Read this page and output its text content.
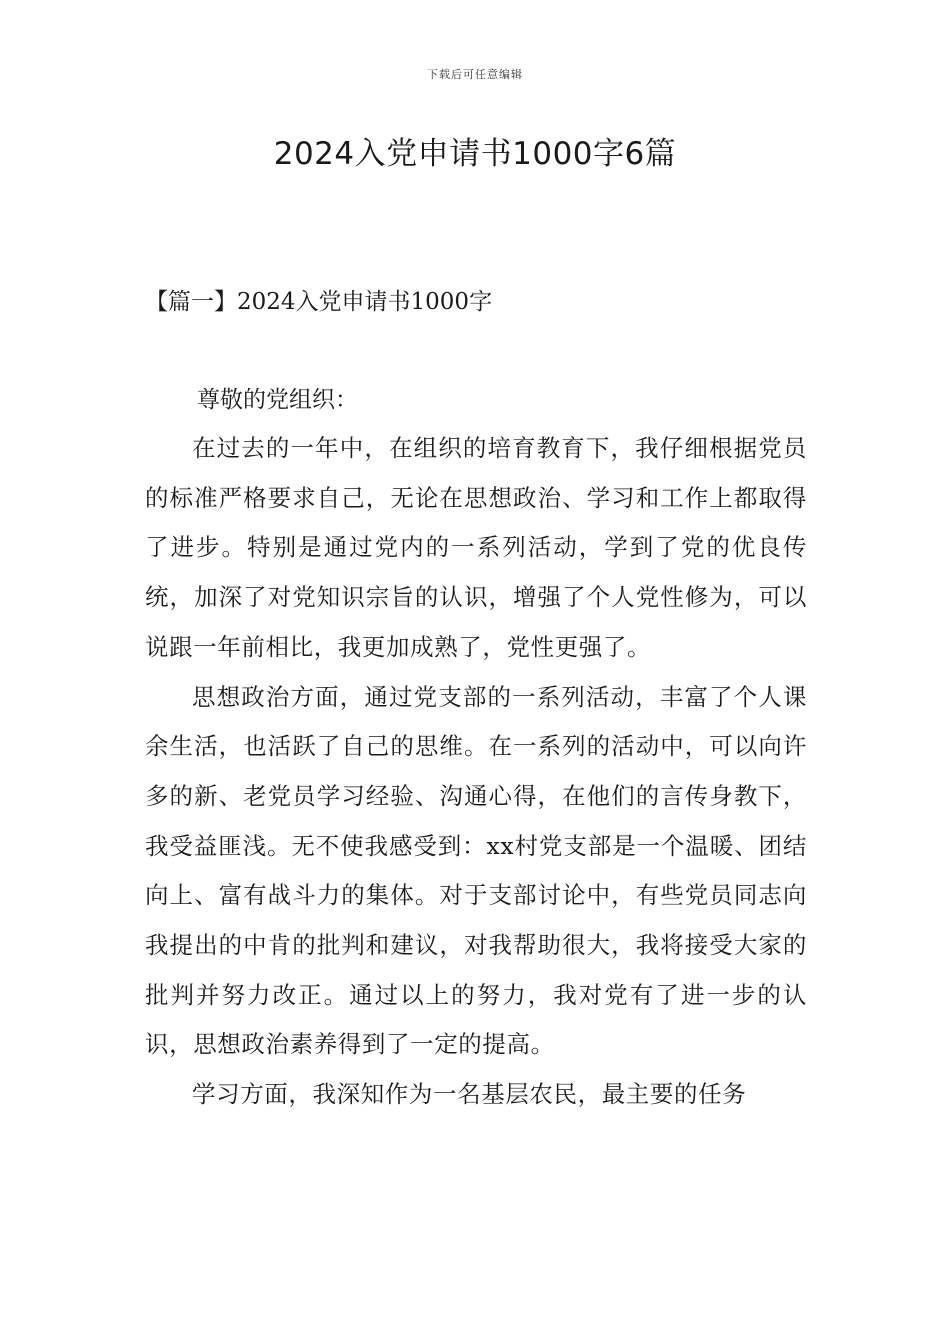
下载后可任意编辑
2024入党申请书1000字6篇
【篇一】2024入党申请书1000字
尊敬的党组织：

在过去的一年中，在组织的培育教育下，我仔细根据党员的标准严格要求自己，无论在思想政治、学习和工作上都取得了进步。特别是通过党内的一系列活动，学到了党的优良传统，加深了对党知识宗旨的认识，增强了个人党性修为，可以说跟一年前相比，我更加成熟了，党性更强了。

思想政治方面，通过党支部的一系列活动，丰富了个人课余生活，也活跃了自己的思维。在一系列的活动中，可以向许多的新、老党员学习经验、沟通心得，在他们的言传身教下，我受益匪浅。无不使我感受到：xx村党支部是一个温暖、团结向上、富有战斗力的集体。对于支部讨论中，有些党员同志向我提出的中肯的批判和建议，对我帮助很大，我将接受大家的批判并努力改正。通过以上的努力，我对党有了进一步的认识，思想政治素养得到了一定的提高。

学习方面，我深知作为一名基层农民，最主要的任务
